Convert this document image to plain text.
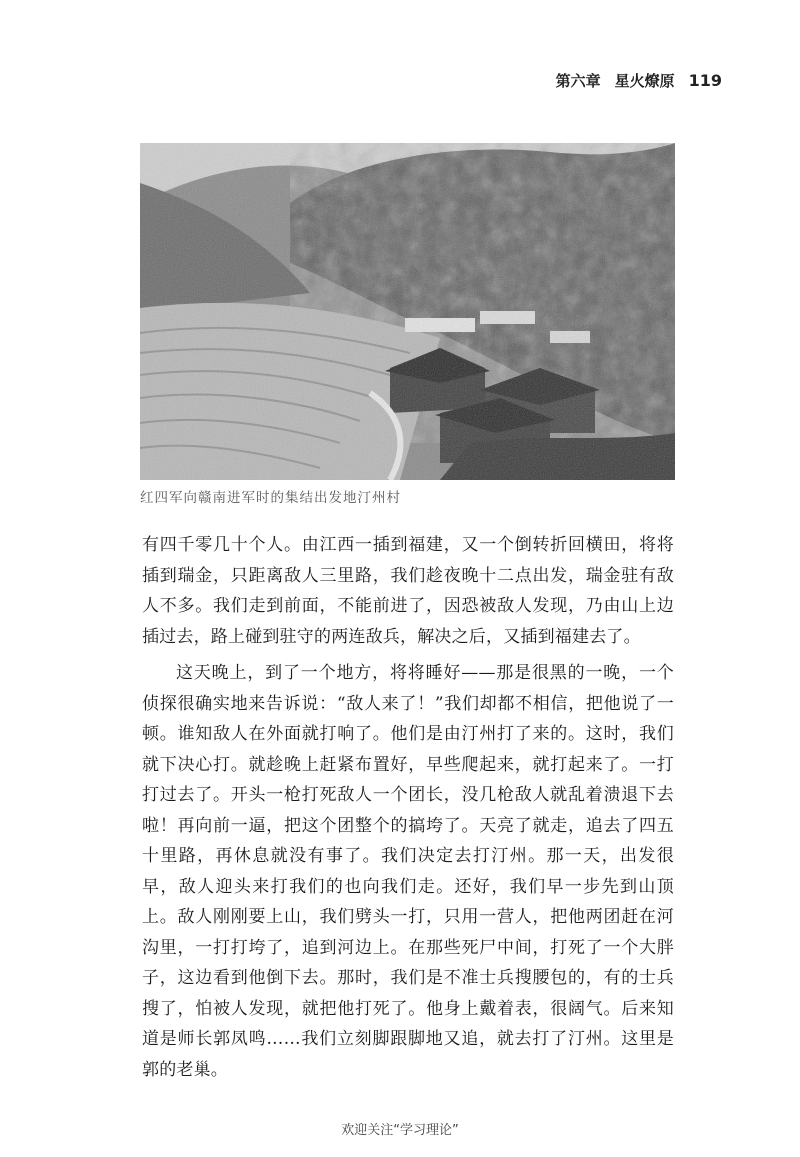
第六章 星火燎原 119
红四军向赣南进军时的集结出发地汀州村

有四千零几十个人。由江西一插到福建，又一个倒转折回横田，将将插到瑞金，只距离敌人三里路，我们趁夜晚十二点出发，瑞金驻有敌人不多。我们走到前面，不能前进了，因恐被敌人发现，乃由山上边插过去，路上碰到驻守的两连敌兵，解决之后，又插到福建去了。

这天晚上，到了一个地方，将将睡好——那是很黑的一晚，一个侦探很确实地来告诉说：“敌人来了！”我们却都不相信，把他说了一顿。谁知敌人在外面就打响了。他们是由汀州打了来的。这时，我们就下决心打。就趁晚上赶紧布置好，早些爬起来，就打起来了。一打打过去了。开头一枪打死敌人一个团长，没几枪敌人就乱着溃退下去啦！再向前一逼，把这个团整个的搞垮了。天亮了就走，追去了四五十里路，再休息就没有事了。我们决定去打汀州。那一天，出发很早，敌人迎头来打我们的也向我们走。还好，我们早一步先到山顶上。敌人刚刚要上山，我们劈头一打，只用一营人，把他两团赶在河沟里，一打打垮了，追到河边上。在那些死尸中间，打死了一个大胖子，这边看到他倒下去。那时，我们是不准士兵搜腰包的，有的士兵搜了，怕被人发现，就把他打死了。他身上戴着表，很阔气。后来知道是师长郭凤鸣……我们立刻脚跟脚地又追，就去打了汀州。这里是郭的老巢。

欢迎关注“学习理论”
